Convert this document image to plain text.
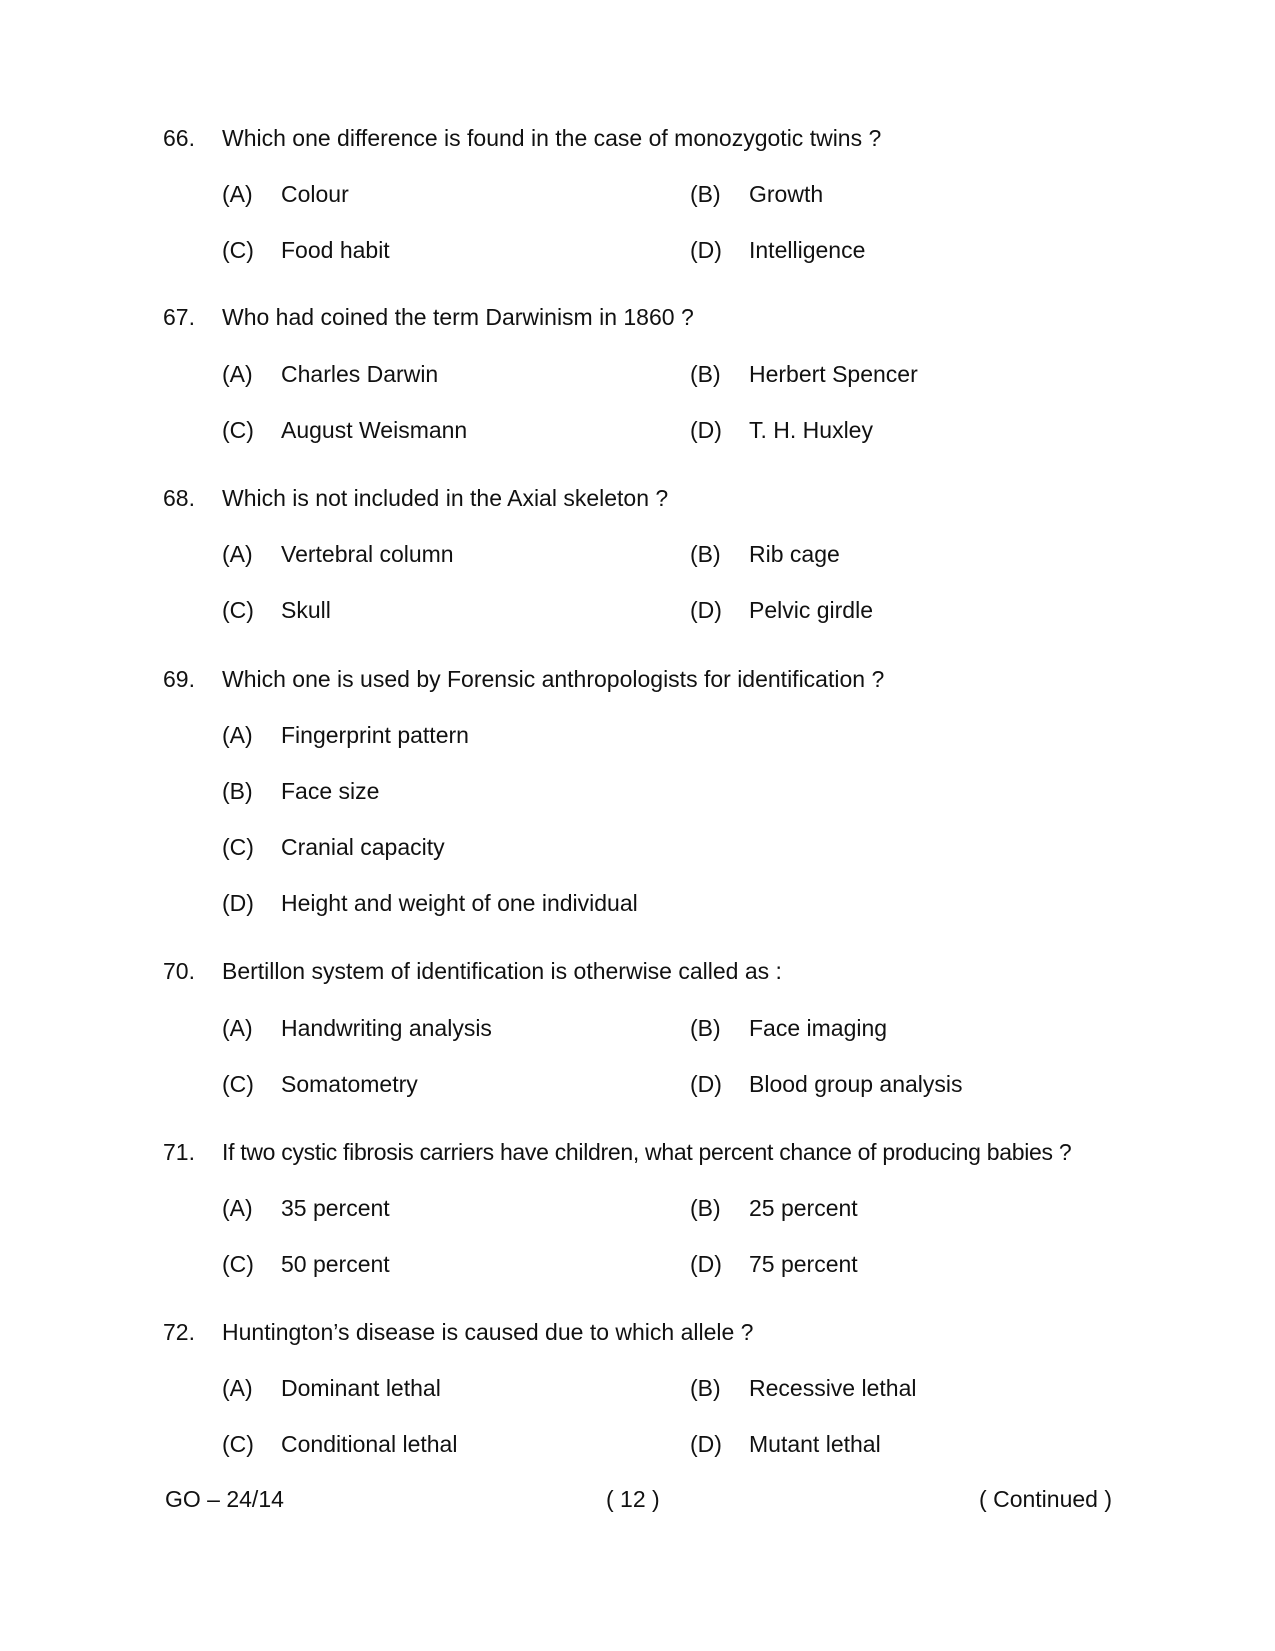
66. Which one difference is found in the case of monozygotic twins ?
(A) Colour	(B) Growth
(C) Food habit	(D) Intelligence
67. Who had coined the term Darwinism in 1860 ?
(A) Charles Darwin	(B) Herbert Spencer
(C) August Weismann	(D) T. H. Huxley
68. Which is not included in the Axial skeleton ?
(A) Vertebral column	(B) Rib cage
(C) Skull	(D) Pelvic girdle
69. Which one is used by Forensic anthropologists for identification ?
(A) Fingerprint pattern
(B) Face size
(C) Cranial capacity
(D) Height and weight of one individual
70. Bertillon system of identification is otherwise called as :
(A) Handwriting analysis	(B) Face imaging
(C) Somatometry	(D) Blood group analysis
71. If two cystic fibrosis carriers have children, what percent chance of producing babies ?
(A) 35 percent	(B) 25 percent
(C) 50 percent	(D) 75 percent
72. Huntington’s disease is caused due to which allele ?
(A) Dominant lethal	(B) Recessive lethal
(C) Conditional lethal	(D) Mutant lethal
GO – 24/14	( 12 )	( Continued )
